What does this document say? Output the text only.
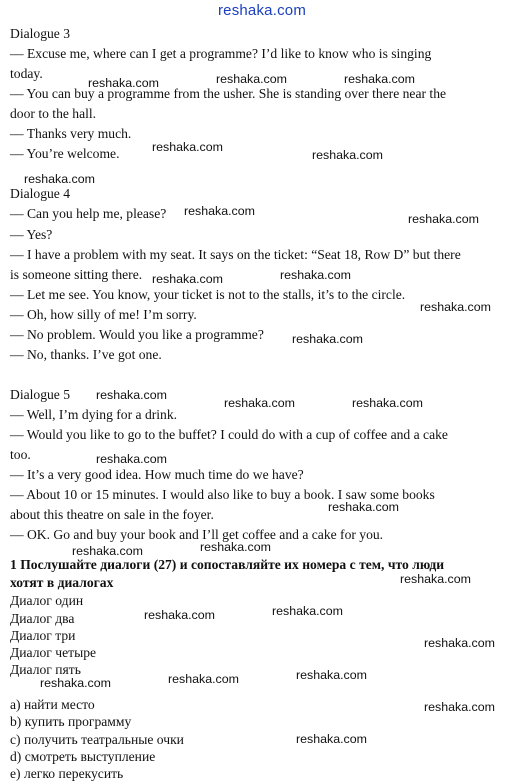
reshaka.com
Dialogue 3
— Excuse me, where can I get a programme? I’d like to know who is singing
today.
— You can buy a programme from the usher. She is standing over there near the
door to the hall.
— Thanks very much.
— You’re welcome.
Dialogue 4
— Can you help me, please?
— Yes?
— I have a problem with my seat. It says on the ticket: “Seat 18, Row D” but there
is someone sitting there.
— Let me see. You know, your ticket is not to the stalls, it’s to the circle.
— Oh, how silly of me! I’m sorry.
— No problem. Would you like a programme?
— No, thanks. I’ve got one.
Dialogue 5
— Well, I’m dying for a drink.
— Would you like to go to the buffet? I could do with a cup of coffee and a cake
too.
— It’s a very good idea. How much time do we have?
— About 10 or 15 minutes. I would also like to buy a book. I saw some books
about this theatre on sale in the foyer.
— OK. Go and buy your book and I’ll get coffee and a cake for you.
1 Послушайте диалоги (27) и сопоставляйте их номера с тем, что люди
хотят в диалогах
Диалог один
Диалог два
Диалог три
Диалог четыре
Диалог пять
a) найти место
b) купить программу
c) получить театральные очки
d) смотреть выступление
e) легко перекусить
reshaka.com	reshaka.com	reshaka.com
reshaka.com
reshaka.com
reshaka.com
reshaka.com
reshaka.com
reshaka.com	reshaka.com
reshaka.com
reshaka.com
reshaka.com
reshaka.com	reshaka.com
reshaka.com
reshaka.com
reshaka.com
reshaka.com
reshaka.com
reshaka.com	reshaka.com
reshaka.com
reshaka.com	reshaka.com	reshaka.com
reshaka.com
reshaka.com
